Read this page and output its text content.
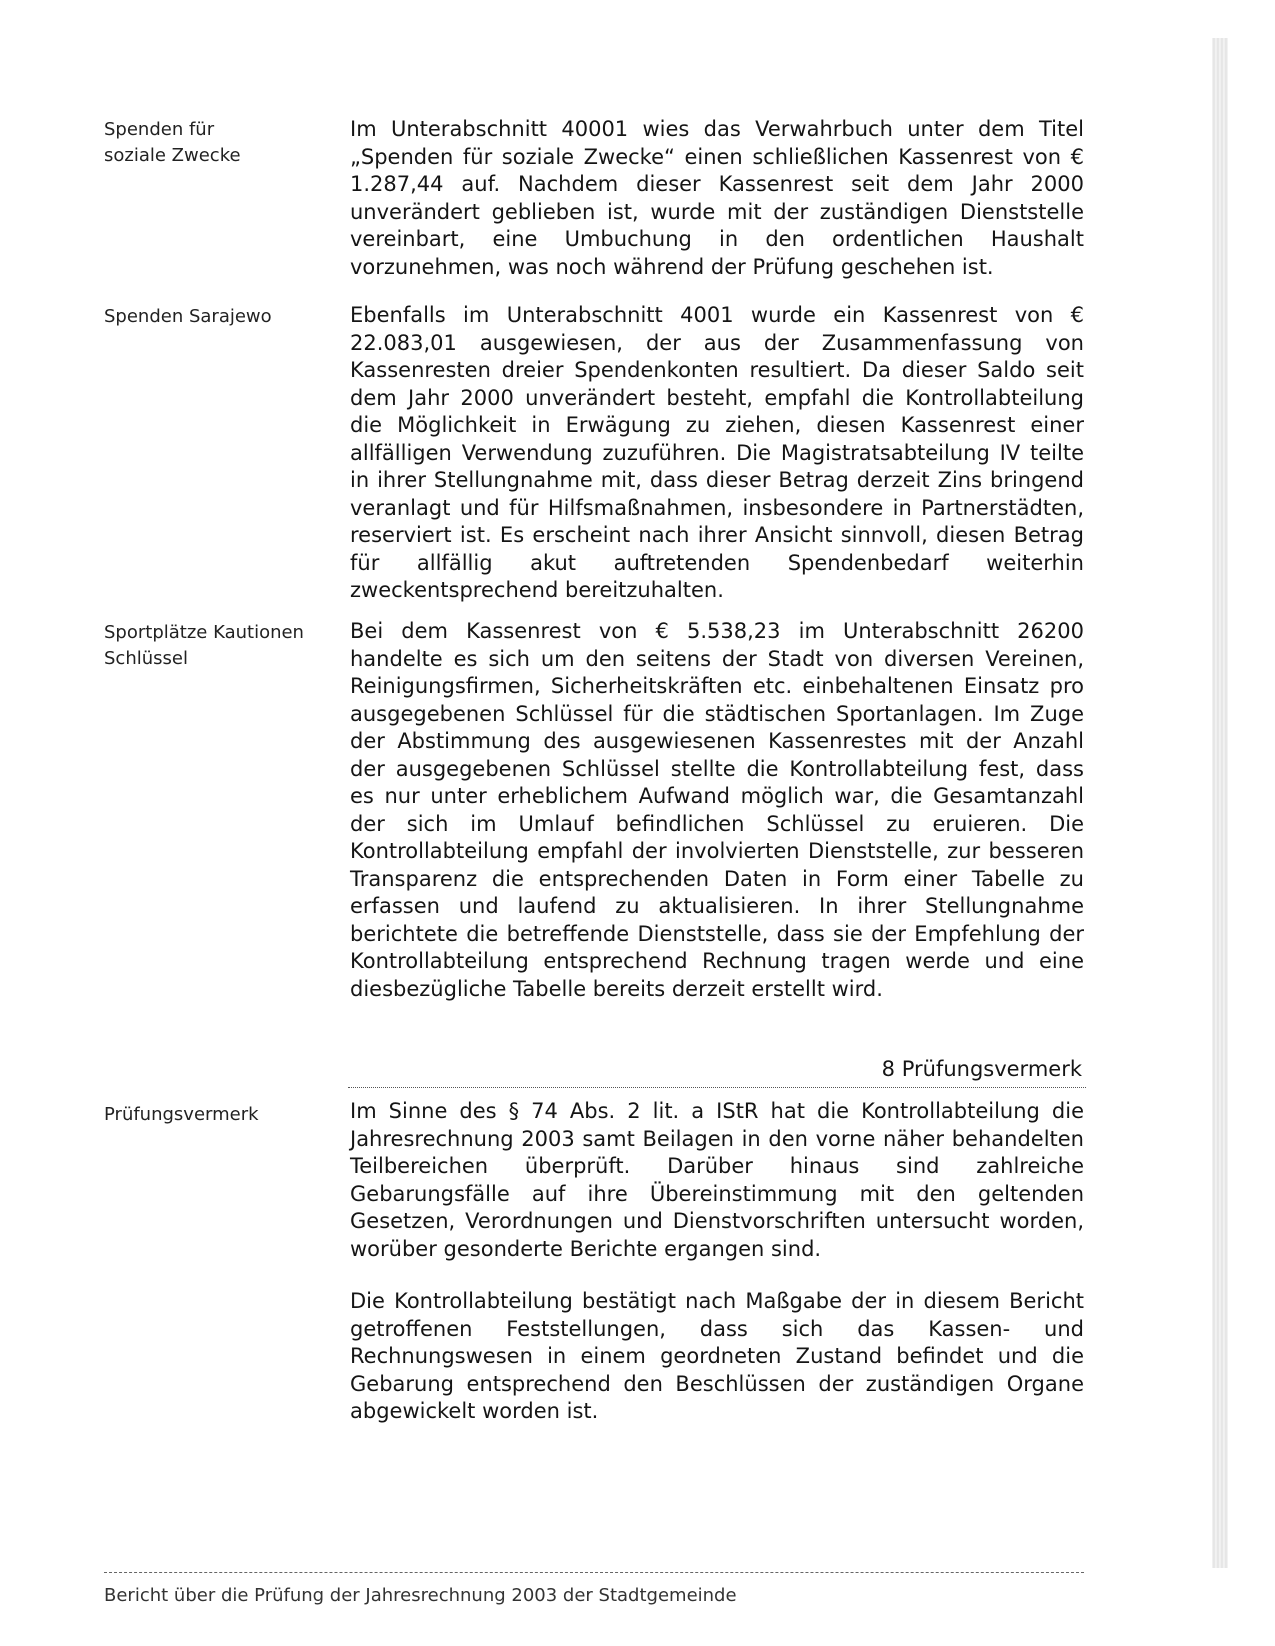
Spenden für
soziale Zwecke
Im Unterabschnitt 40001 wies das Verwahrbuch unter dem Titel „Spenden für soziale Zwecke“ einen schließlichen Kassenrest von € 1.287,44 auf. Nachdem dieser Kassenrest seit dem Jahr 2000 unverändert geblieben ist, wurde mit der zuständigen Dienststelle vereinbart, eine Umbuchung in den ordentlichen Haushalt vorzunehmen, was noch während der Prüfung geschehen ist.
Spenden Sarajewo	Ebenfalls im Unterabschnitt 4001 wurde ein Kassenrest von € 22.083,01 ausgewiesen, der aus der Zusammenfassung von Kassenresten dreier Spendenkonten resultiert. Da dieser Saldo seit dem Jahr 2000 unverändert besteht, empfahl die Kontrollabteilung die Möglichkeit in Erwägung zu ziehen, diesen Kassenrest einer allfälligen Verwendung zuzuführen. Die Magistratsabteilung IV teilte in ihrer Stellungnahme mit, dass dieser Betrag derzeit Zins bringend veranlagt und für Hilfsmaßnahmen, insbesondere in Partnerstädten, reserviert ist. Es erscheint nach ihrer Ansicht sinnvoll, diesen Betrag für allfällig akut auftretenden Spendenbedarf weiterhin zweckentsprechend bereitzuhalten.
Sportplätze Kautionen
Schlüssel
Bei dem Kassenrest von € 5.538,23 im Unterabschnitt 26200 handelte es sich um den seitens der Stadt von diversen Vereinen, Reinigungsfirmen, Sicherheitskräften etc. einbehaltenen Einsatz pro ausgegebenen Schlüssel für die städtischen Sportanlagen. Im Zuge der Abstimmung des ausgewiesenen Kassenrestes mit der Anzahl der ausgegebenen Schlüssel stellte die Kontrollabteilung fest, dass es nur unter erheblichem Aufwand möglich war, die Gesamtanzahl der sich im Umlauf befindlichen Schlüssel zu eruieren. Die Kontrollabteilung empfahl der involvierten Dienststelle, zur besseren Transparenz die entsprechenden Daten in Form einer Tabelle zu erfassen und laufend zu aktualisieren. In ihrer Stellungnahme berichtete die betreffende Dienststelle, dass sie der Empfehlung der Kontrollabteilung entsprechend Rechnung tragen werde und eine diesbezügliche Tabelle bereits derzeit erstellt wird.
8 Prüfungsvermerk
Prüfungsvermerk	Im Sinne des § 74 Abs. 2 lit. a IStR hat die Kontrollabteilung die Jahresrechnung 2003 samt Beilagen in den vorne näher behandelten Teilbereichen überprüft. Darüber hinaus sind zahlreiche Gebarungsfälle auf ihre Übereinstimmung mit den geltenden Gesetzen, Verordnungen und Dienstvorschriften untersucht worden, worüber gesonderte Berichte ergangen sind.
Die Kontrollabteilung bestätigt nach Maßgabe der in diesem Bericht getroffenen Feststellungen, dass sich das Kassen- und Rechnungswesen in einem geordneten Zustand befindet und die Gebarung entsprechend den Beschlüssen der zuständigen Organe abgewickelt worden ist.
Bericht über die Prüfung der Jahresrechnung 2003 der Stadtgemeinde
